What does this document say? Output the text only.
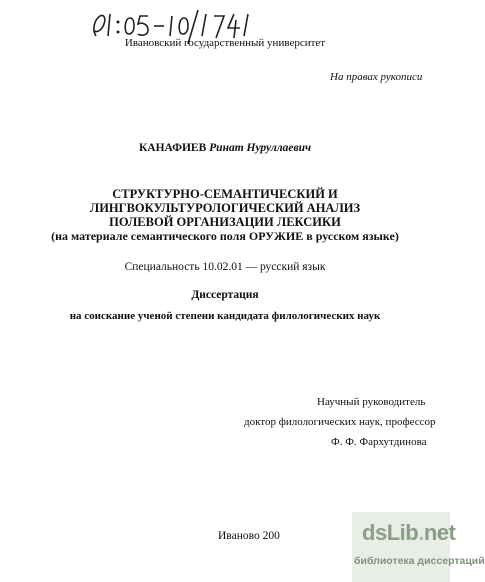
Ивановский государственный университет
На правах рукописи
КАНАФИЕВ Ринат Нуруллаевич
СТРУКТУРНО-СЕМАНТИЧЕСКИЙ И
ЛИНГВОКУЛЬТУРОЛОГИЧЕСКИЙ АНАЛИЗ
ПОЛЕВОЙ ОРГАНИЗАЦИИ ЛЕКСИКИ
(на материале семантического поля ОРУЖИЕ в русском языке)
Специальность 10.02.01 — русский язык
Диссертация
на соискание ученой степени кандидата филологических наук
Научный руководитель
доктор филологических наук, профессор
Ф. Ф. Фархутдинова
Иваново 200	dsLib.net
библиотека диссертаций
